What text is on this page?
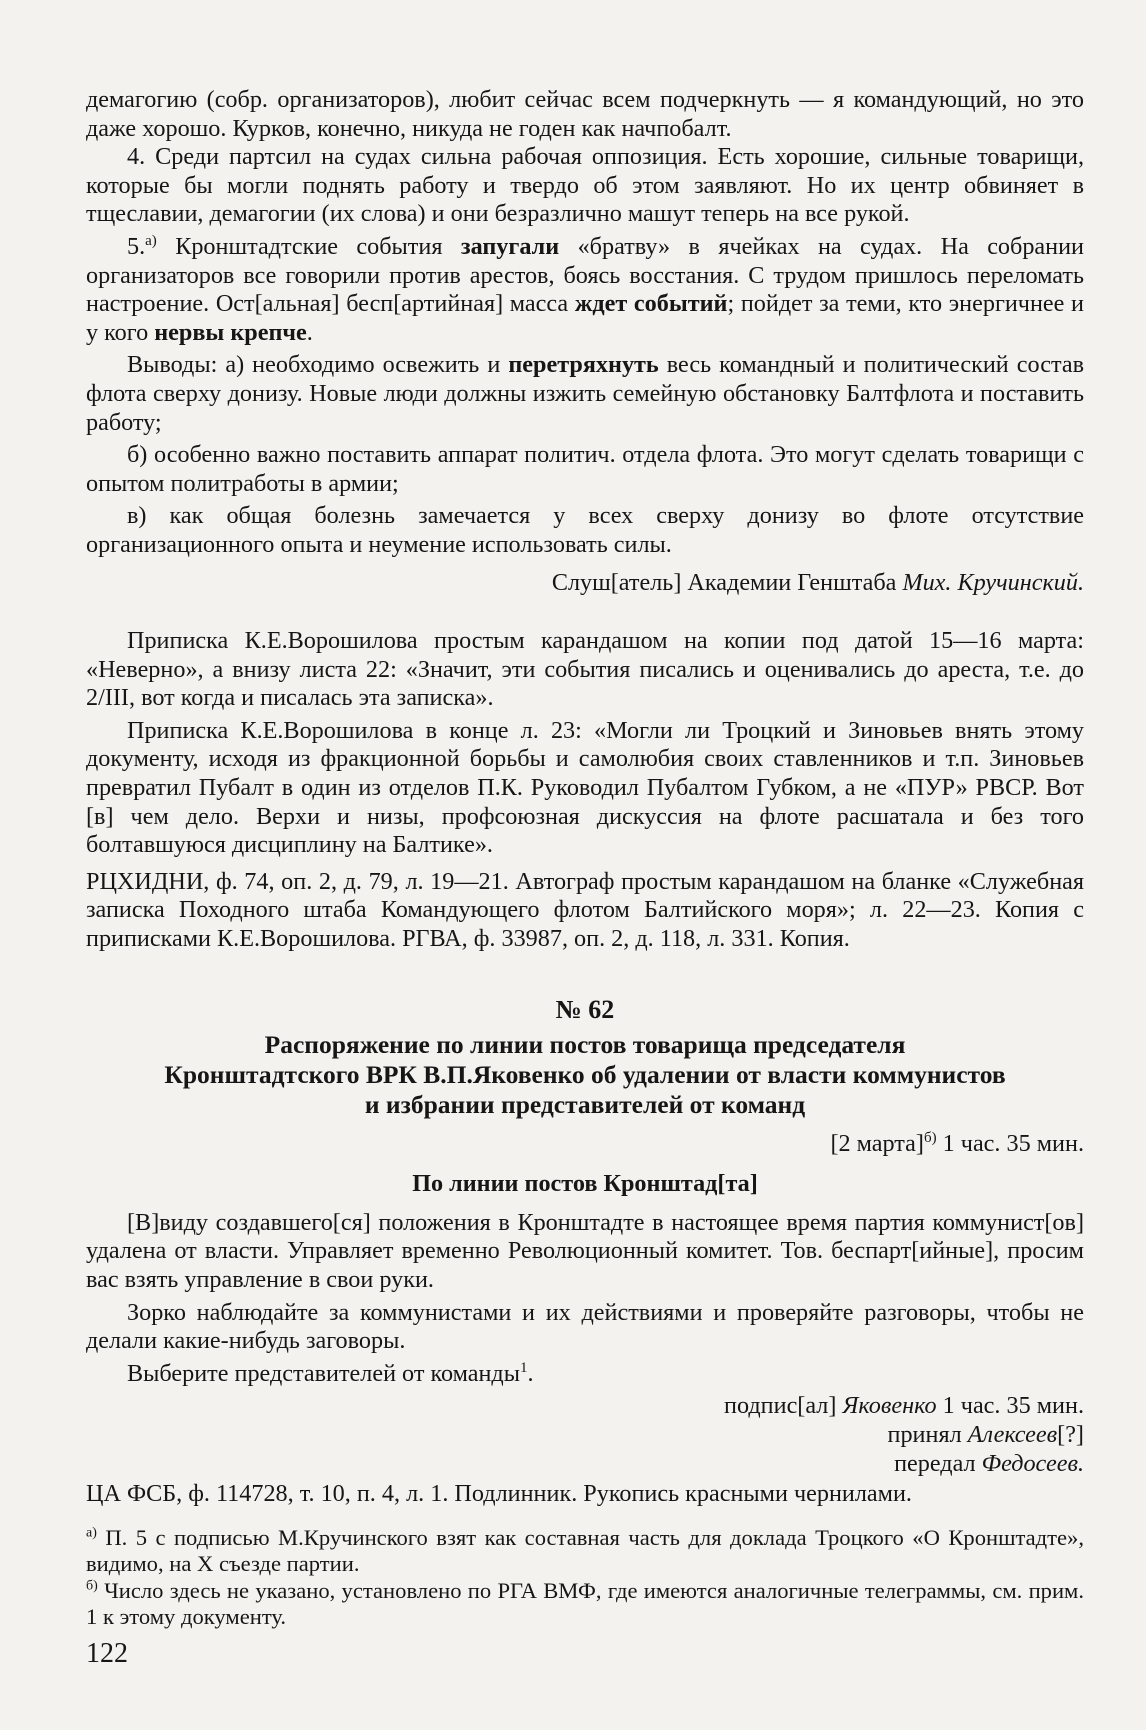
демагогию (собр. организаторов), любит сейчас всем подчеркнуть — я командующий, но это даже хорошо. Курков, конечно, никуда не годен как начпобалт.

4. Среди партсил на судах сильна рабочая оппозиция. Есть хорошие, сильные товарищи, которые бы могли поднять работу и твердо об этом заявляют. Но их центр обвиняет в тщеславии, демагогии (их слова) и они безразлично машут теперь на все рукой.

5.$^{а)}$ Кронштадтские события запугали «братву» в ячейках на судах. На собрании организаторов все говорили против арестов, боясь восстания. С трудом пришлось переломать настроение. Ост[альная] бесп[артийная] масса ждет событий; пойдет за теми, кто энергичнее и у кого нервы крепче.

Выводы: а) необходимо освежить и перетряхнуть весь командный и политический состав флота сверху донизу. Новые люди должны изжить семейную обстановку Балтфлота и поставить работу;

б) особенно важно поставить аппарат политич. отдела флота. Это могут сделать товарищи с опытом политработы в армии;

в) как общая болезнь замечается у всех сверху донизу во флоте отсутствие организационного опыта и неумение использовать силы.

Слуш[атель] Академии Генштаба Мих. Кручинский.

Приписка К.Е.Ворошилова простым карандашом на копии под датой 15—16 марта: «Неверно», а внизу листа 22: «Значит, эти события писались и оценивались до ареста, т.е. до 2/III, вот когда и писалась эта записка».

Приписка К.Е.Ворошилова в конце л. 23: «Могли ли Троцкий и Зиновьев внять этому документу, исходя из фракционной борьбы и самолюбия своих ставленников и т.п. Зиновьев превратил Пубалт в один из отделов П.К. Руководил Пубалтом Губком, а не «ПУР» РВСР. Вот [в] чем дело. Верхи и низы, профсоюзная дискуссия на флоте расшатала и без того болтавшуюся дисциплину на Балтике».

РЦХИДНИ, ф. 74, оп. 2, д. 79, л. 19—21. Автограф простым карандашом на бланке «Служебная записка Походного штаба Командующего флотом Балтийского моря»; л. 22—23. Копия с приписками К.Е.Ворошилова. РГВА, ф. 33987, оп. 2, д. 118, л. 331. Копия.

№ 62
Распоряжение по линии постов товарища председателя
Кронштадтского ВРК В.П.Яковенко об удалении от власти коммунистов
и избрании представителей от команд

[2 марта]$^{б)}$ 1 час. 35 мин.

По линии постов Кронштад[та]

[В]виду создавшего[ся] положения в Кронштадте в настоящее время партия коммунист[ов] удалена от власти. Управляет временно Революционный комитет. Тов. беспарт[ийные], просим вас взять управление в свои руки.

Зорко наблюдайте за коммунистами и их действиями и проверяйте разговоры, чтобы не делали какие-нибудь заговоры.

Выберите представителей от команды$^1$.

подпис[ал] Яковенко 1 час. 35 мин.

принял Алексеев[?]

передал Федосеев.

ЦА ФСБ, ф. 114728, т. 10, п. 4, л. 1. Подлинник. Рукопись красными чернилами.

$^{а)}$ П. 5 с подписью М.Кручинского взят как составная часть для доклада Троцкого «О Кронштадте», видимо, на X съезде партии.

$^{б)}$ Число здесь не указано, установлено по РГА ВМФ, где имеются аналогичные телеграммы, см. прим. 1 к этому документу.

122
